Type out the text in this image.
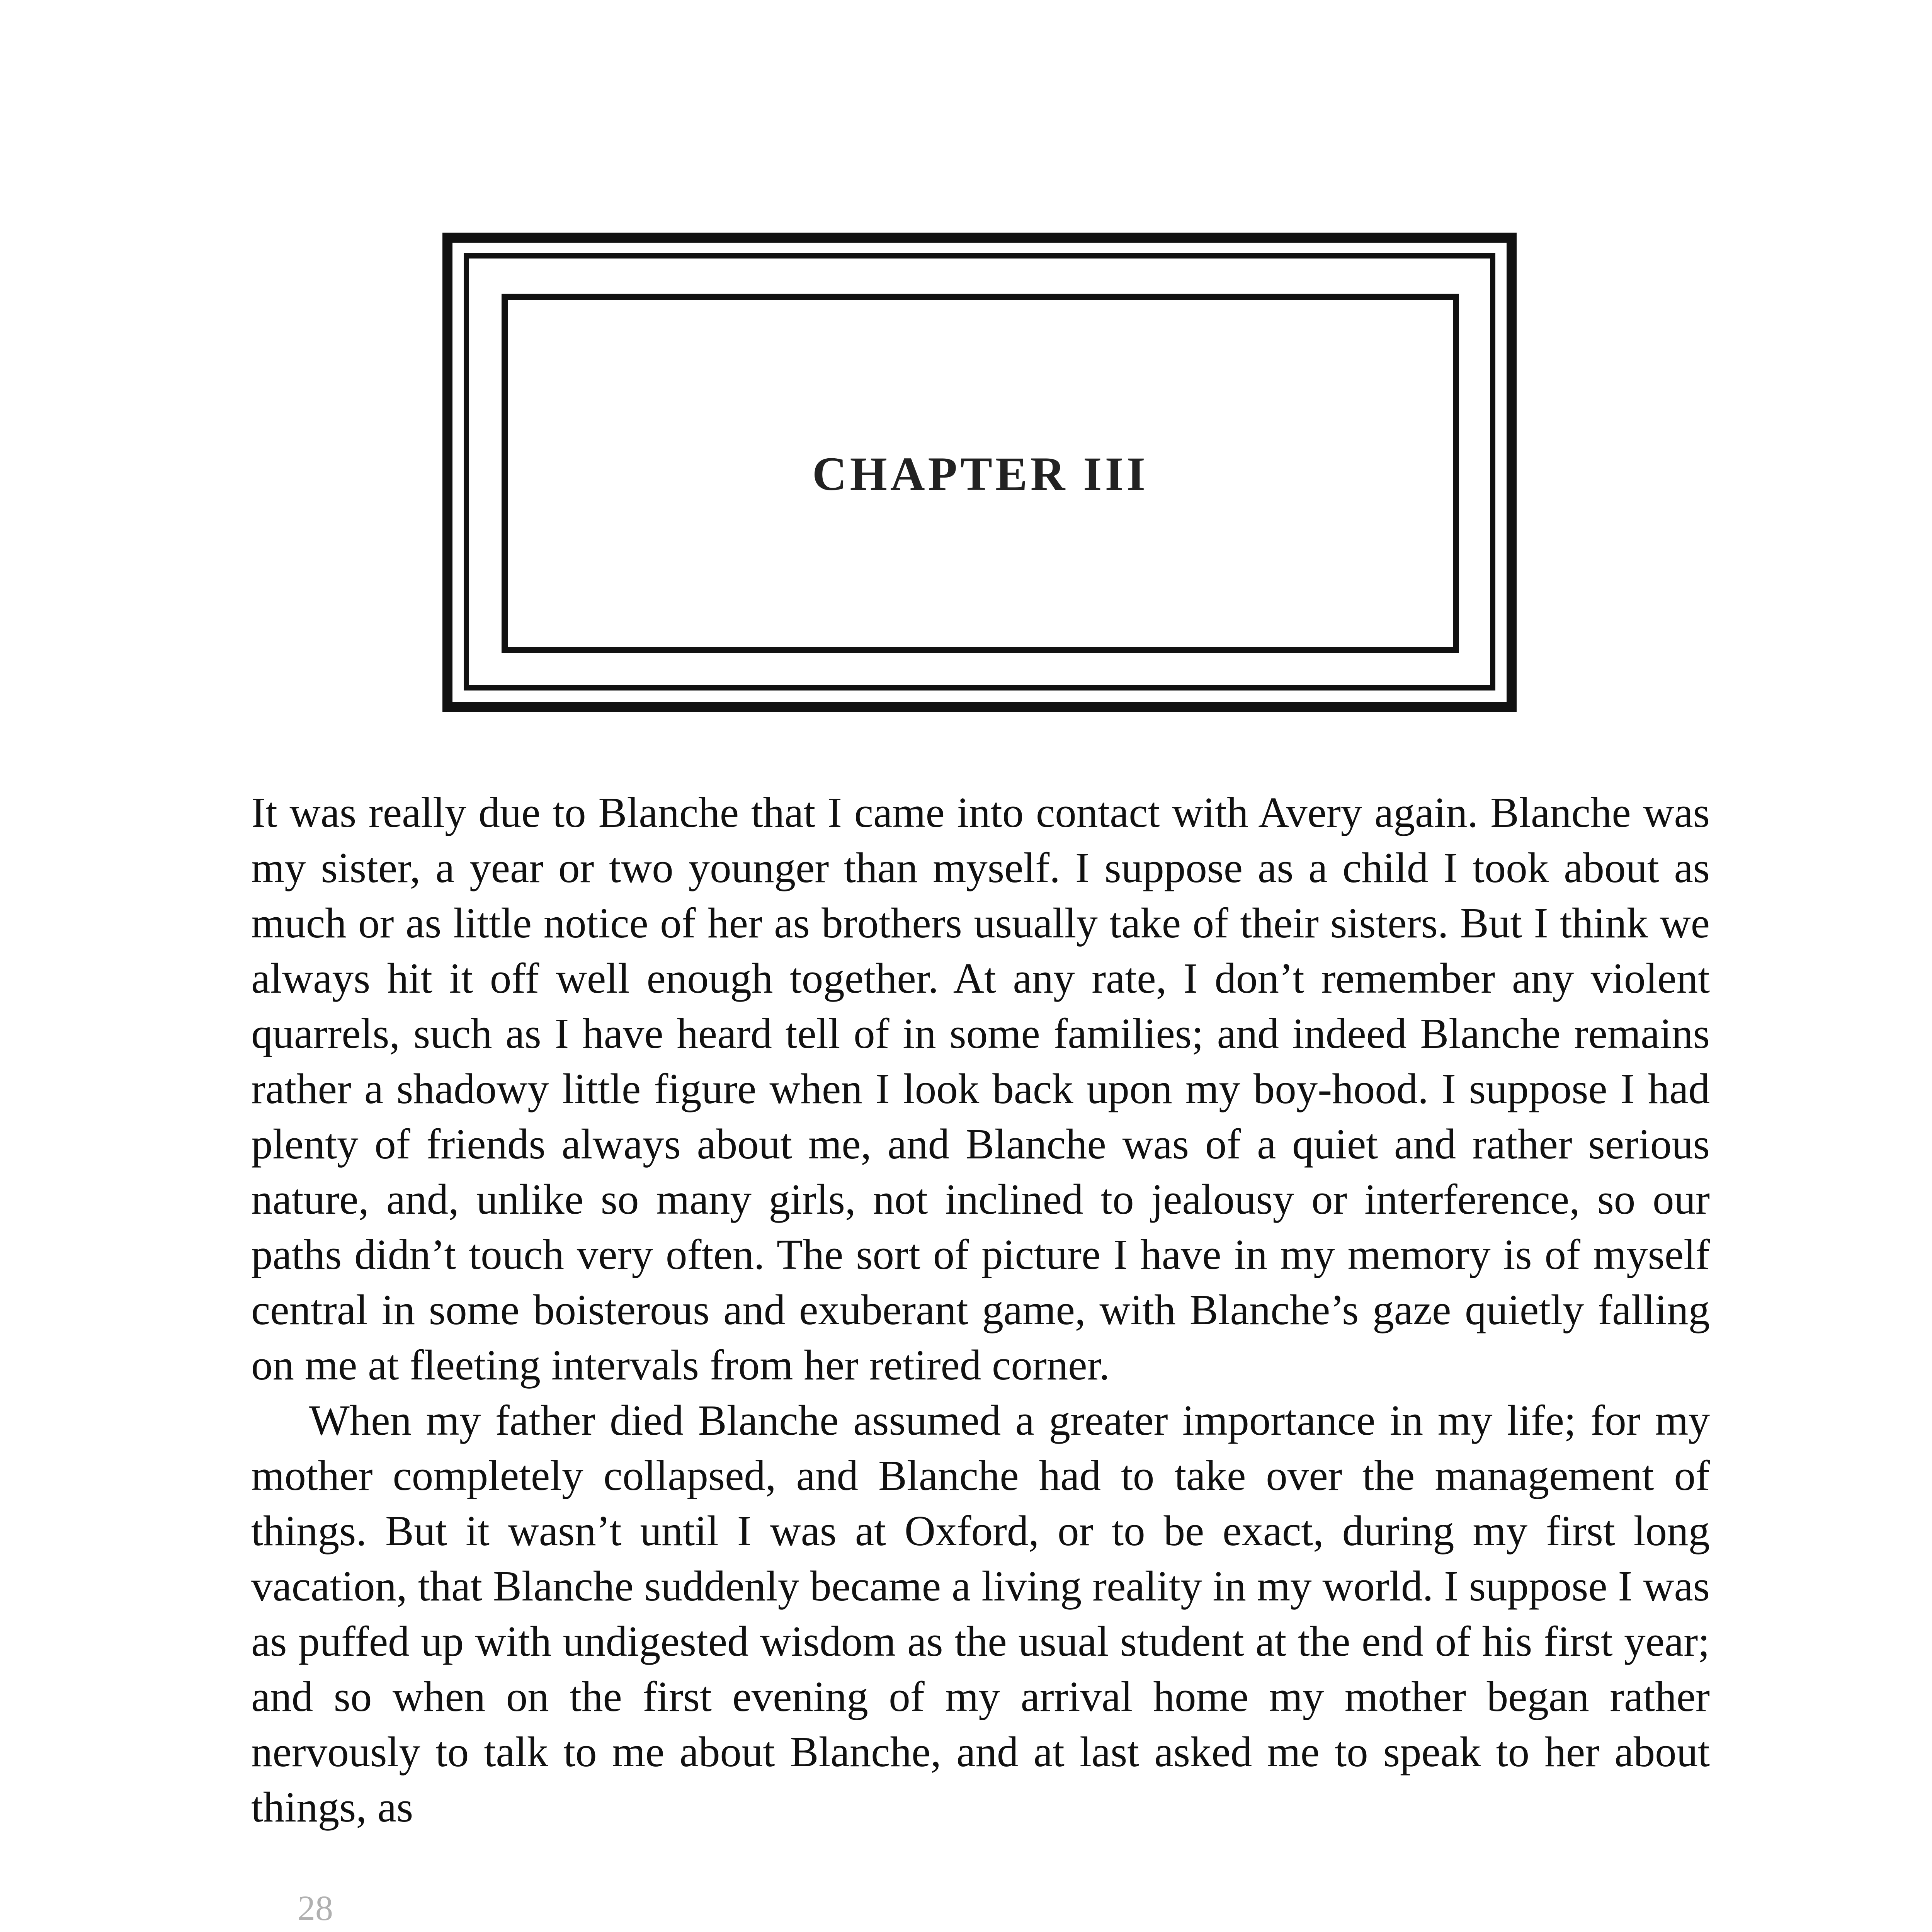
CHAPTER III

It was really due to Blanche that I came into contact with Avery again. Blanche was my sister, a year or two younger than myself. I suppose as a child I took about as much or as little notice of her as brothers usually take of their sisters. But I think we always hit it off well enough together. At any rate, I don’t remember any violent quarrels, such as I have heard tell of in some families; and indeed Blanche remains rather a shadowy little figure when I look back upon my boy-hood. I suppose I had plenty of friends always about me, and Blanche was of a quiet and rather serious nature, and, unlike so many girls, not inclined to jealousy or interference, so our paths didn’t touch very often. The sort of picture I have in my memory is of myself central in some boisterous and exuberant game, with Blanche’s gaze quietly falling on me at fleeting intervals from her retired corner.

When my father died Blanche assumed a greater importance in my life; for my mother completely collapsed, and Blanche had to take over the management of things. But it wasn’t until I was at Oxford, or to be exact, during my first long vacation, that Blanche suddenly became a living reality in my world. I suppose I was as puffed up with undigested wisdom as the usual student at the end of his first year; and so when on the first evening of my arrival home my mother began rather nervously to talk to me about Blanche, and at last asked me to speak to her about things, as

28
